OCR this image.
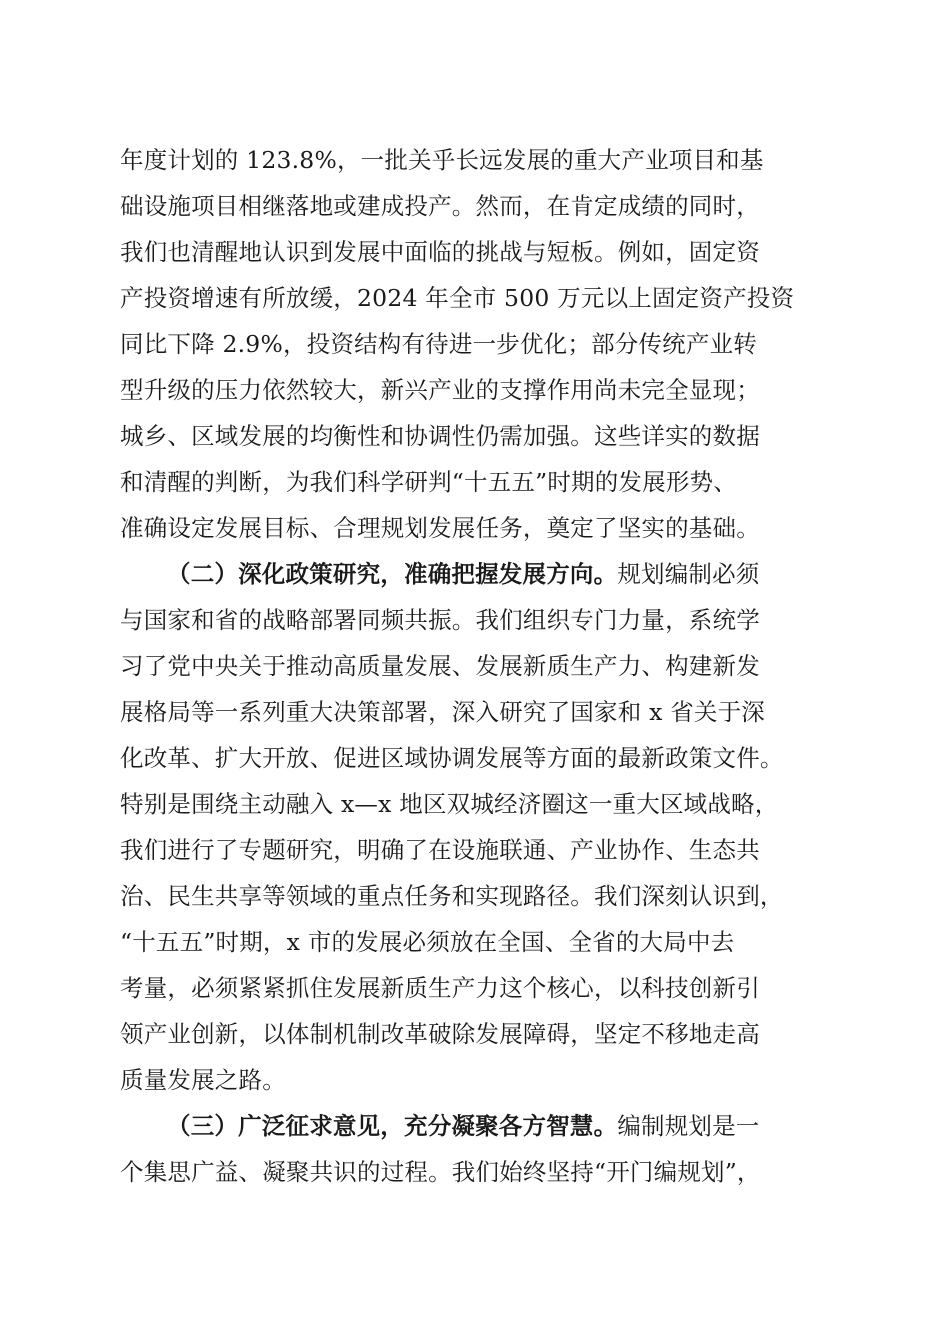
年度计划的 123.8%，一批关乎长远发展的重大产业项目和基
础设施项目相继落地或建成投产。然而，在肯定成绩的同时，
我们也清醒地认识到发展中面临的挑战与短板。例如，固定资
产投资增速有所放缓，2024 年全市 500 万元以上固定资产投资
同比下降 2.9%，投资结构有待进一步优化；部分传统产业转
型升级的压力依然较大，新兴产业的支撑作用尚未完全显现；
城乡、区域发展的均衡性和协调性仍需加强。这些详实的数据
和清醒的判断，为我们科学研判“十五五”时期的发展形势、
准确设定发展目标、合理规划发展任务，奠定了坚实的基础。
（二）深化政策研究，准确把握发展方向。规划编制必须
与国家和省的战略部署同频共振。我们组织专门力量，系统学
习了党中央关于推动高质量发展、发展新质生产力、构建新发
展格局等一系列重大决策部署，深入研究了国家和 x 省关于深
化改革、扩大开放、促进区域协调发展等方面的最新政策文件。
特别是围绕主动融入 x—x 地区双城经济圈这一重大区域战略，
我们进行了专题研究，明确了在设施联通、产业协作、生态共
治、民生共享等领域的重点任务和实现路径。我们深刻认识到，
“十五五”时期，x 市的发展必须放在全国、全省的大局中去
考量，必须紧紧抓住发展新质生产力这个核心，以科技创新引
领产业创新，以体制机制改革破除发展障碍，坚定不移地走高
质量发展之路。
（三）广泛征求意见，充分凝聚各方智慧。编制规划是一
个集思广益、凝聚共识的过程。我们始终坚持“开门编规划”，
